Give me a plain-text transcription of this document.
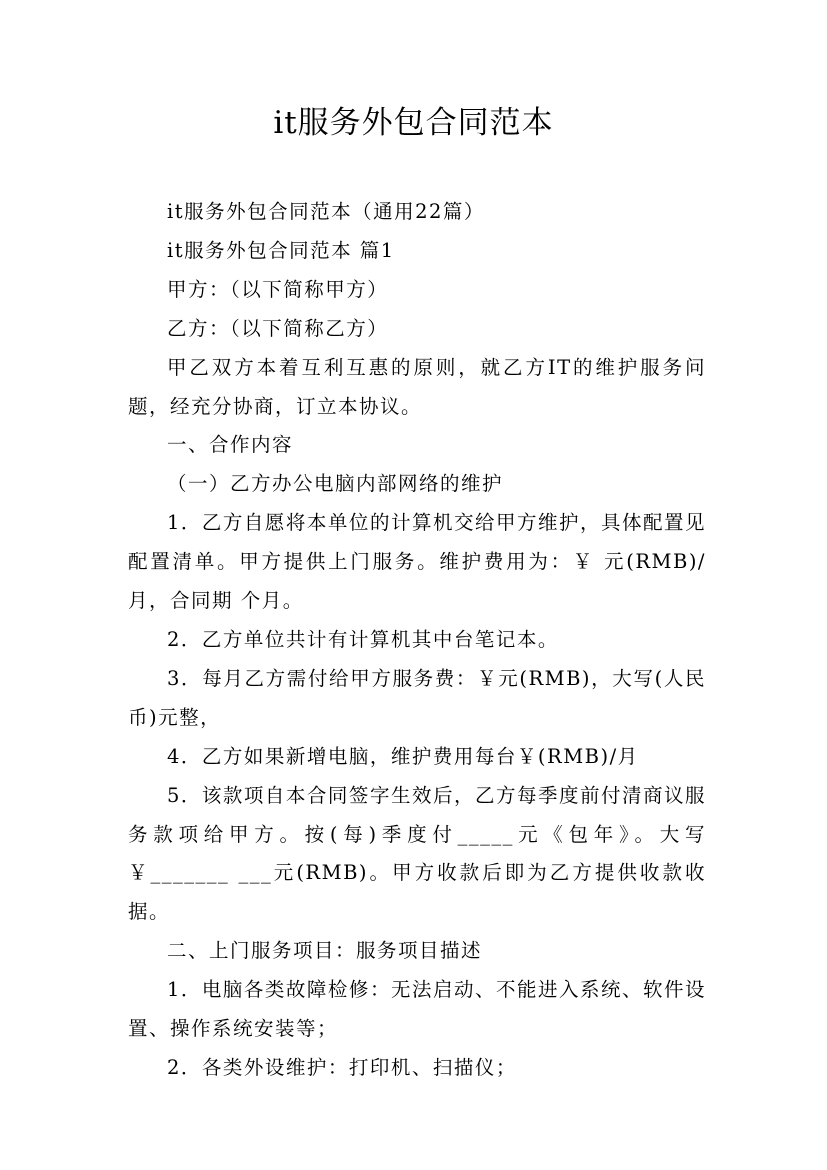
it服务外包合同范本

it服务外包合同范本（通用22篇）

it服务外包合同范本 篇1

甲方：（以下简称甲方）

乙方：（以下简称乙方）

甲乙双方本着互利互惠的原则，就乙方IT的维护服务问题，经充分协商，订立本协议。

一、合作内容

（一）乙方办公电脑内部网络的维护

1．乙方自愿将本单位的计算机交给甲方维护，具体配置见配置清单。甲方提供上门服务。维护费用为：￥ 元(RMB)/月，合同期 个月。

2．乙方单位共计有计算机其中台笔记本。

3．每月乙方需付给甲方服务费：￥元(RMB)，大写(人民币)元整，

4．乙方如果新增电脑，维护费用每台￥(RMB)/月

5．该款项自本合同签字生效后，乙方每季度前付清商议服务款项给甲方。按(每)季度付_____元《包年》。大写￥_______ ___元(RMB)。甲方收款后即为乙方提供收款收据。

二、上门服务项目：服务项目描述

1．电脑各类故障检修：无法启动、不能进入系统、软件设置、操作系统安装等；

2．各类外设维护：打印机、扫描仪；
